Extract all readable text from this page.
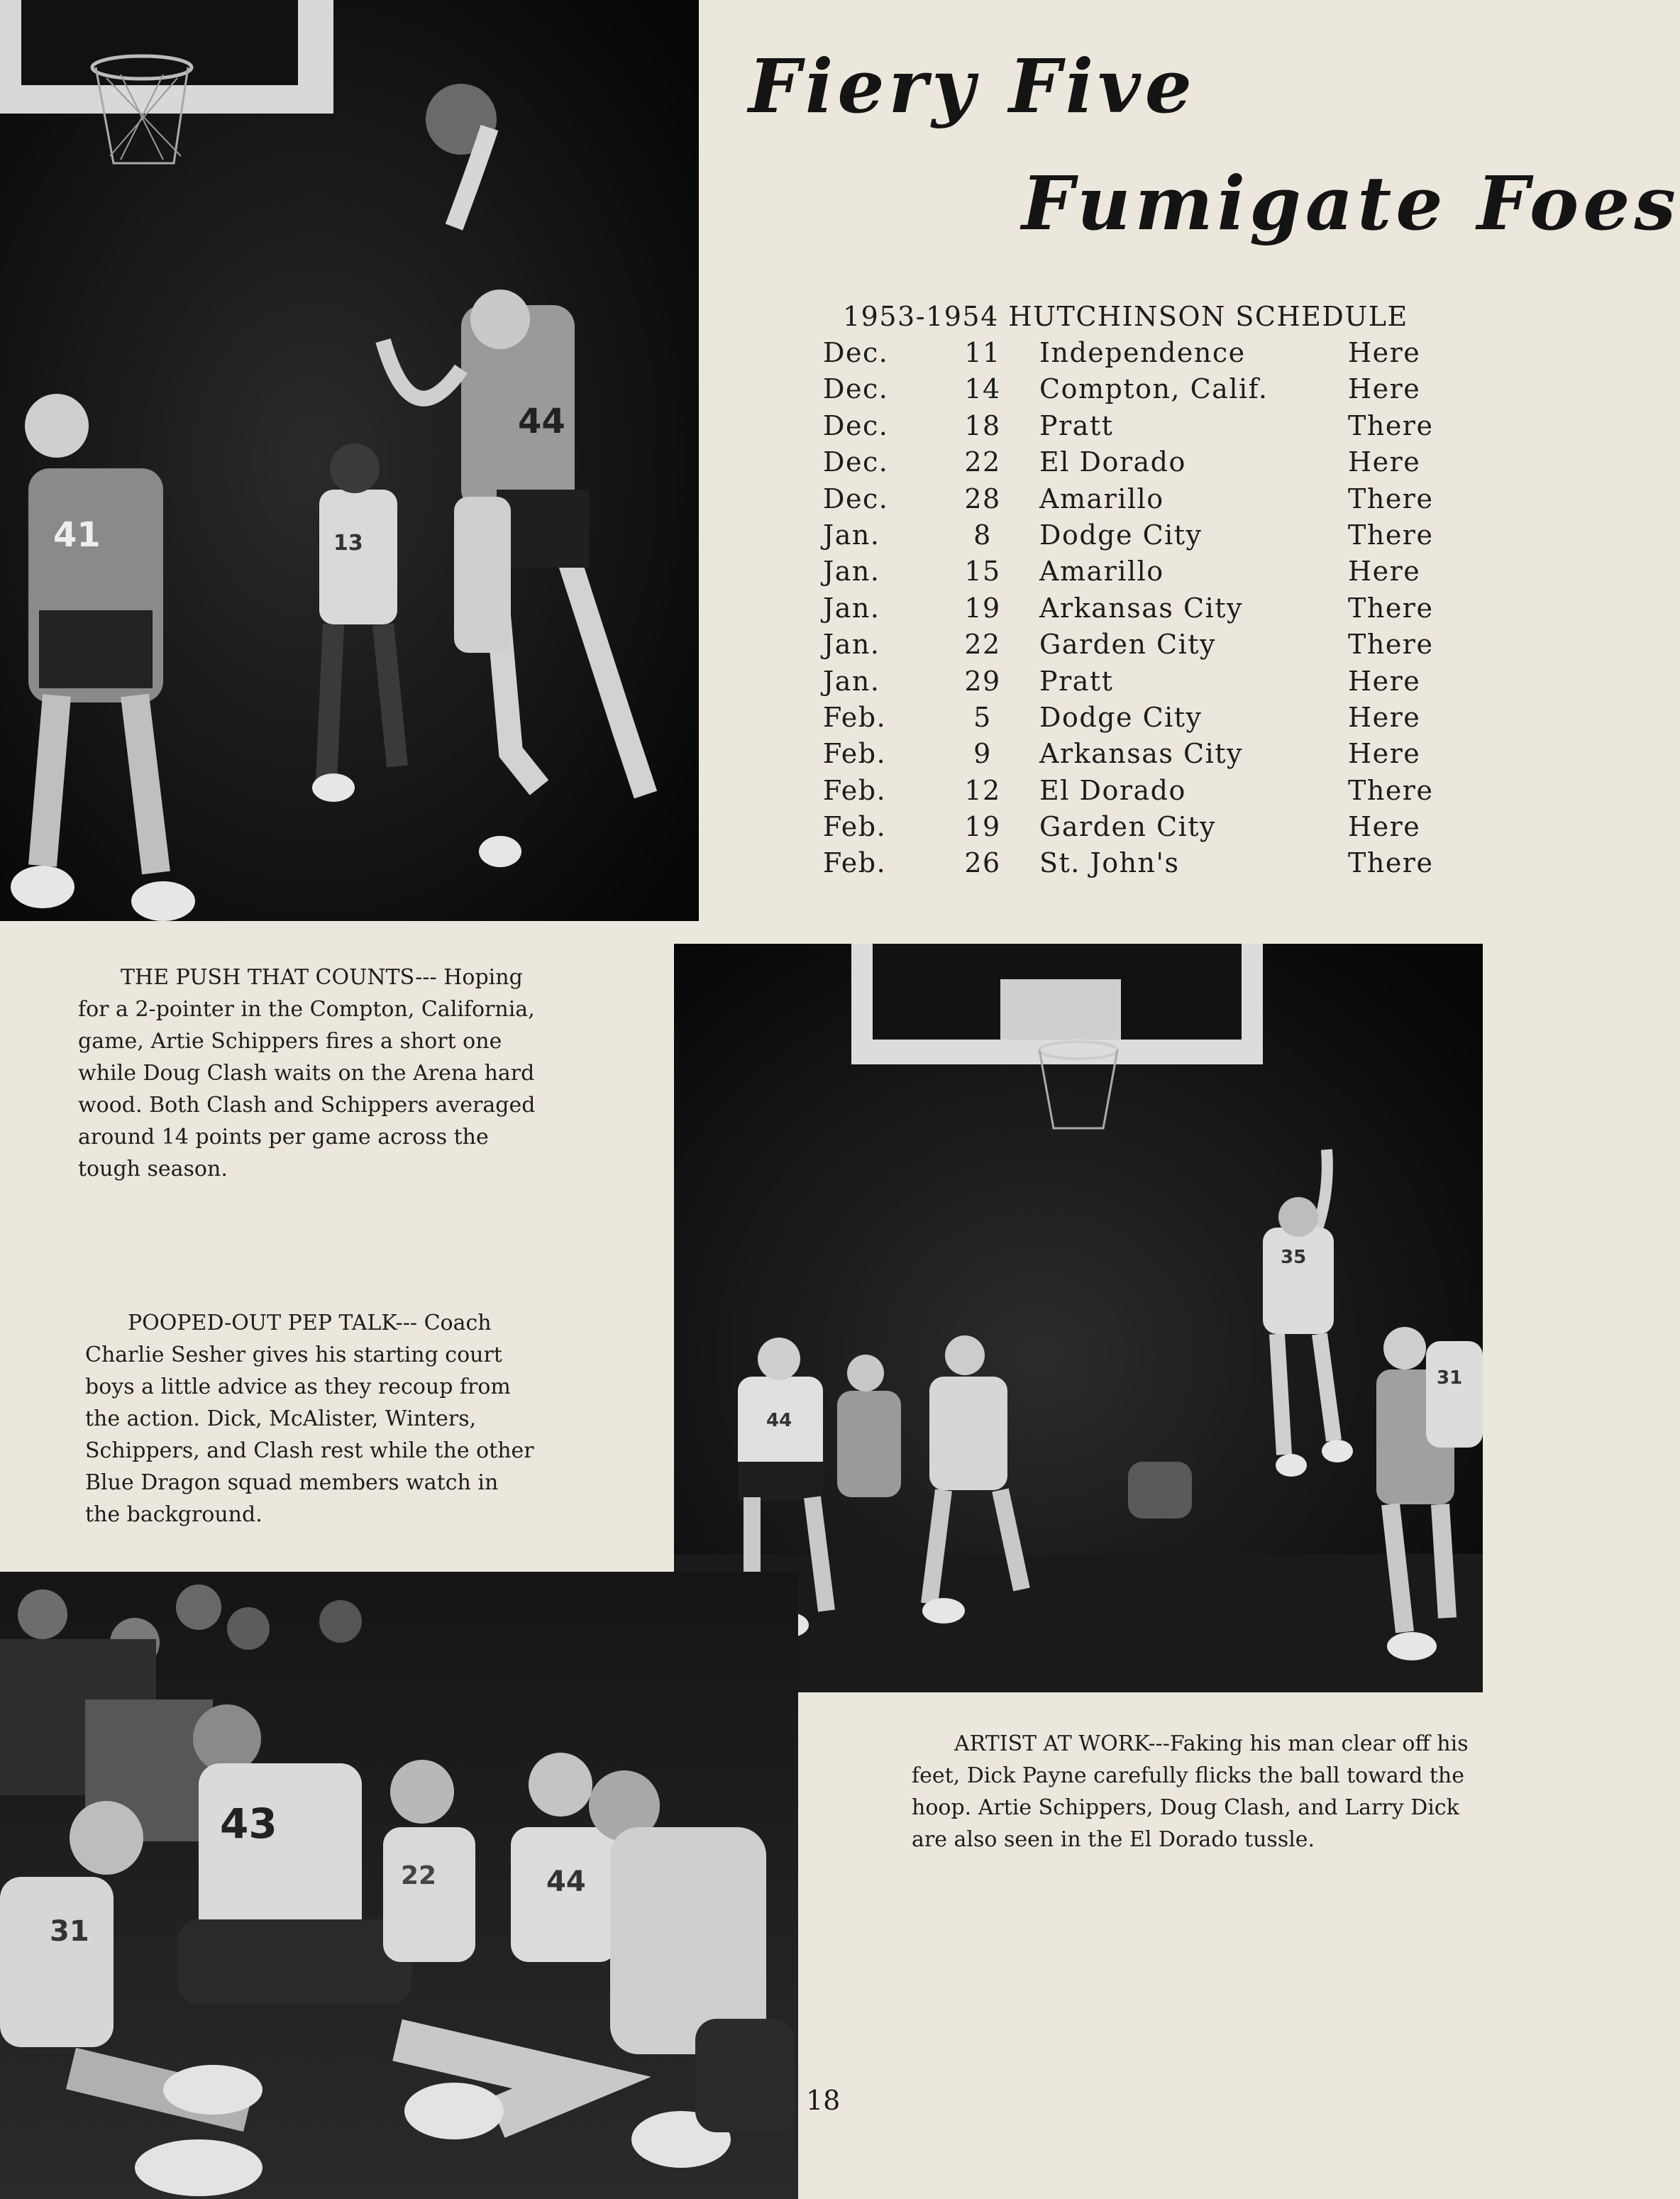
44
41	13
Fiery Five
Fumigate Foes
1953-1954 HUTCHINSON SCHEDULE
Dec.	11	Independence	Here
Dec.	14	Compton, Calif.	Here
Dec.	18	Pratt	There
Dec.	22	El Dorado	Here
Dec.	28	Amarillo	There
Jan.	8	Dodge City	There
Jan.	15	Amarillo	Here
Jan.	19	Arkansas City	There
Jan.	22	Garden City	There
Jan.	29	Pratt	Here
Feb.	5	Dodge City	Here
Feb.	9	Arkansas City	Here
Feb.	12	El Dorado	There
Feb.	19	Garden City	Here
Feb.	26	St. John's	There
THE PUSH THAT COUNTS--- Hoping for a 2-pointer in the Compton, California, game, Artie Schippers fires a short one while Doug Clash waits on the Arena hard wood. Both Clash and Schippers averaged around 14 points per game across the tough season.
POOPED-OUT PEP TALK--- Coach Charlie Sesher gives his starting court boys a little advice as they recoup from the action. Dick, McAlister, Winters, Schippers, and Clash rest while the other Blue Dragon squad members watch in the background.
35
44
31
43
31
44
22
ARTIST AT WORK---Faking his man clear off his feet, Dick Payne carefully flicks the ball toward the hoop. Artie Schippers, Doug Clash, and Larry Dick are also seen in the El Dorado tussle.
18
